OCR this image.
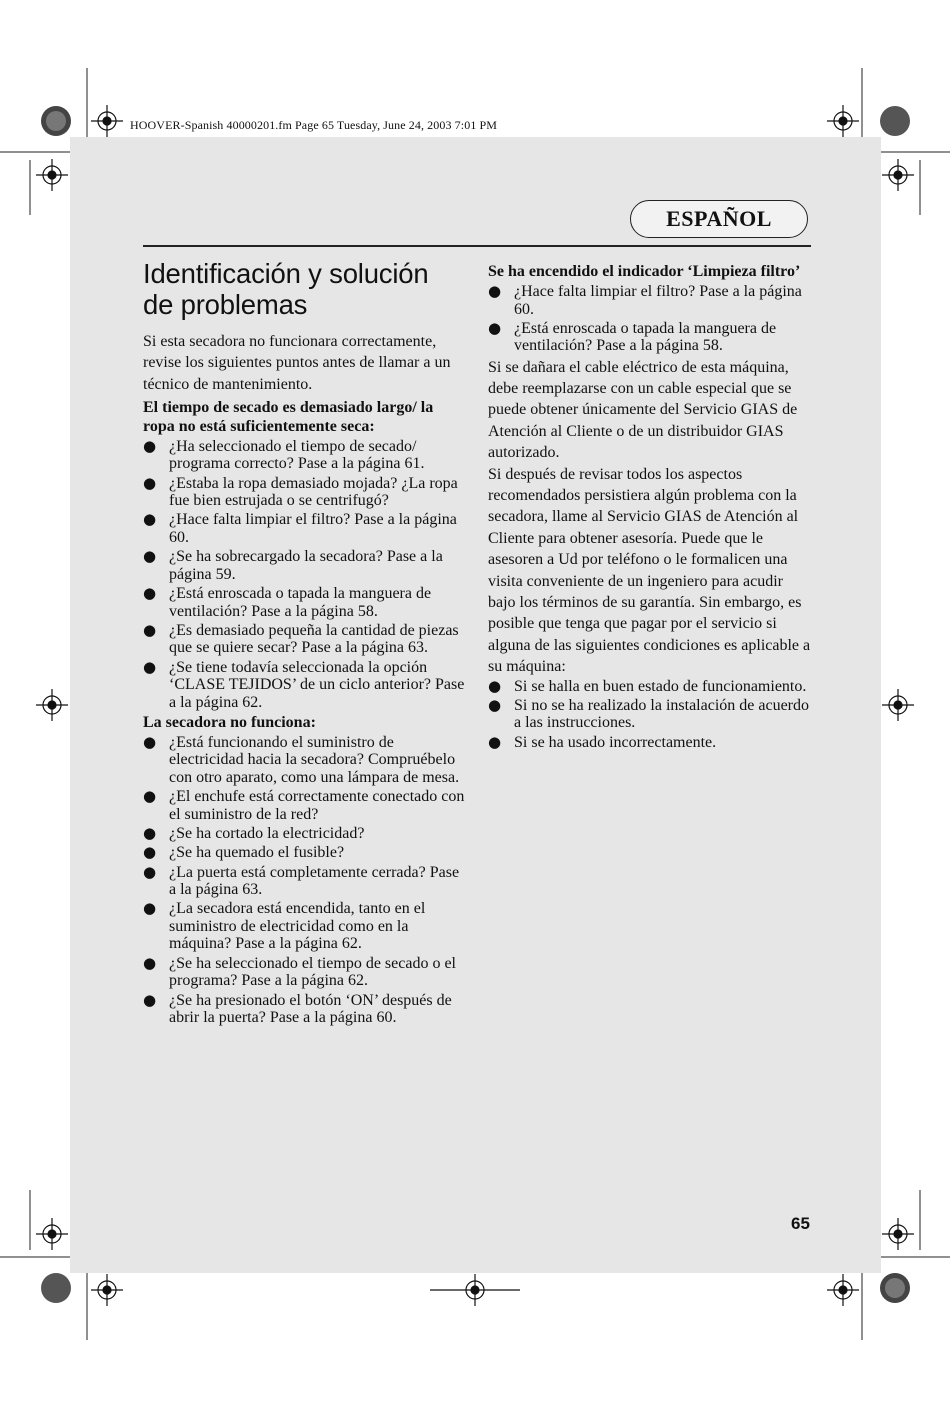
HOOVER-Spanish 40000201.fm Page 65 Tuesday, June 24, 2003 7:01 PM
ESPAÑOL
Identificación y solución de problemas

Si esta secadora no funcionara correctamente, revise los siguientes puntos antes de llamar a un técnico de mantenimiento.

El tiempo de secado es demasiado largo/ la ropa no está suficientemente seca:
● ¿Ha seleccionado el tiempo de secado/ programa correcto? Pase a la página 61.
● ¿Estaba la ropa demasiado mojada? ¿La ropa fue bien estrujada o se centrifugó?
● ¿Hace falta limpiar el filtro? Pase a la página 60.
● ¿Se ha sobrecargado la secadora? Pase a la página 59.
● ¿Está enroscada o tapada la manguera de ventilación? Pase a la página 58.
● ¿Es demasiado pequeña la cantidad de piezas que se quiere secar? Pase a la página 63.
● ¿Se tiene todavía seleccionada la opción ‘CLASE TEJIDOS’ de un ciclo anterior? Pase a la página 62.
La secadora no funciona:
● ¿Está funcionando el suministro de electricidad hacia la secadora? Compruébelo con otro aparato, como una lámpara de mesa.
● ¿El enchufe está correctamente conectado con el suministro de la red?
● ¿Se ha cortado la electricidad?
● ¿Se ha quemado el fusible?
● ¿La puerta está completamente cerrada? Pase a la página 63.
● ¿La secadora está encendida, tanto en el suministro de electricidad como en la máquina? Pase a la página 62.
● ¿Se ha seleccionado el tiempo de secado o el programa? Pase a la página 62.
● ¿Se ha presionado el botón ‘ON’ después de abrir la puerta? Pase a la página 60.
Se ha encendido el indicador ‘Limpieza filtro’
● ¿Hace falta limpiar el filtro? Pase a la página 60.
● ¿Está enroscada o tapada la manguera de ventilación? Pase a la página 58.

Si se dañara el cable eléctrico de esta máquina, debe reemplazarse con un cable especial que se puede obtener únicamente del Servicio GIAS de Atención al Cliente o de un distribuidor GIAS autorizado.

Si después de revisar todos los aspectos recomendados persistiera algún problema con la secadora, llame al Servicio GIAS de Atención al Cliente para obtener asesoría. Puede que le asesoren a Ud por teléfono o le formalicen una visita conveniente de un ingeniero para acudir bajo los términos de su garantía. Sin embargo, es posible que tenga que pagar por el servicio si alguna de las siguientes condiciones es aplicable a su máquina:

● Si se halla en buen estado de funcionamiento.
● Si no se ha realizado la instalación de acuerdo a las instrucciones.
● Si se ha usado incorrectamente.
65
